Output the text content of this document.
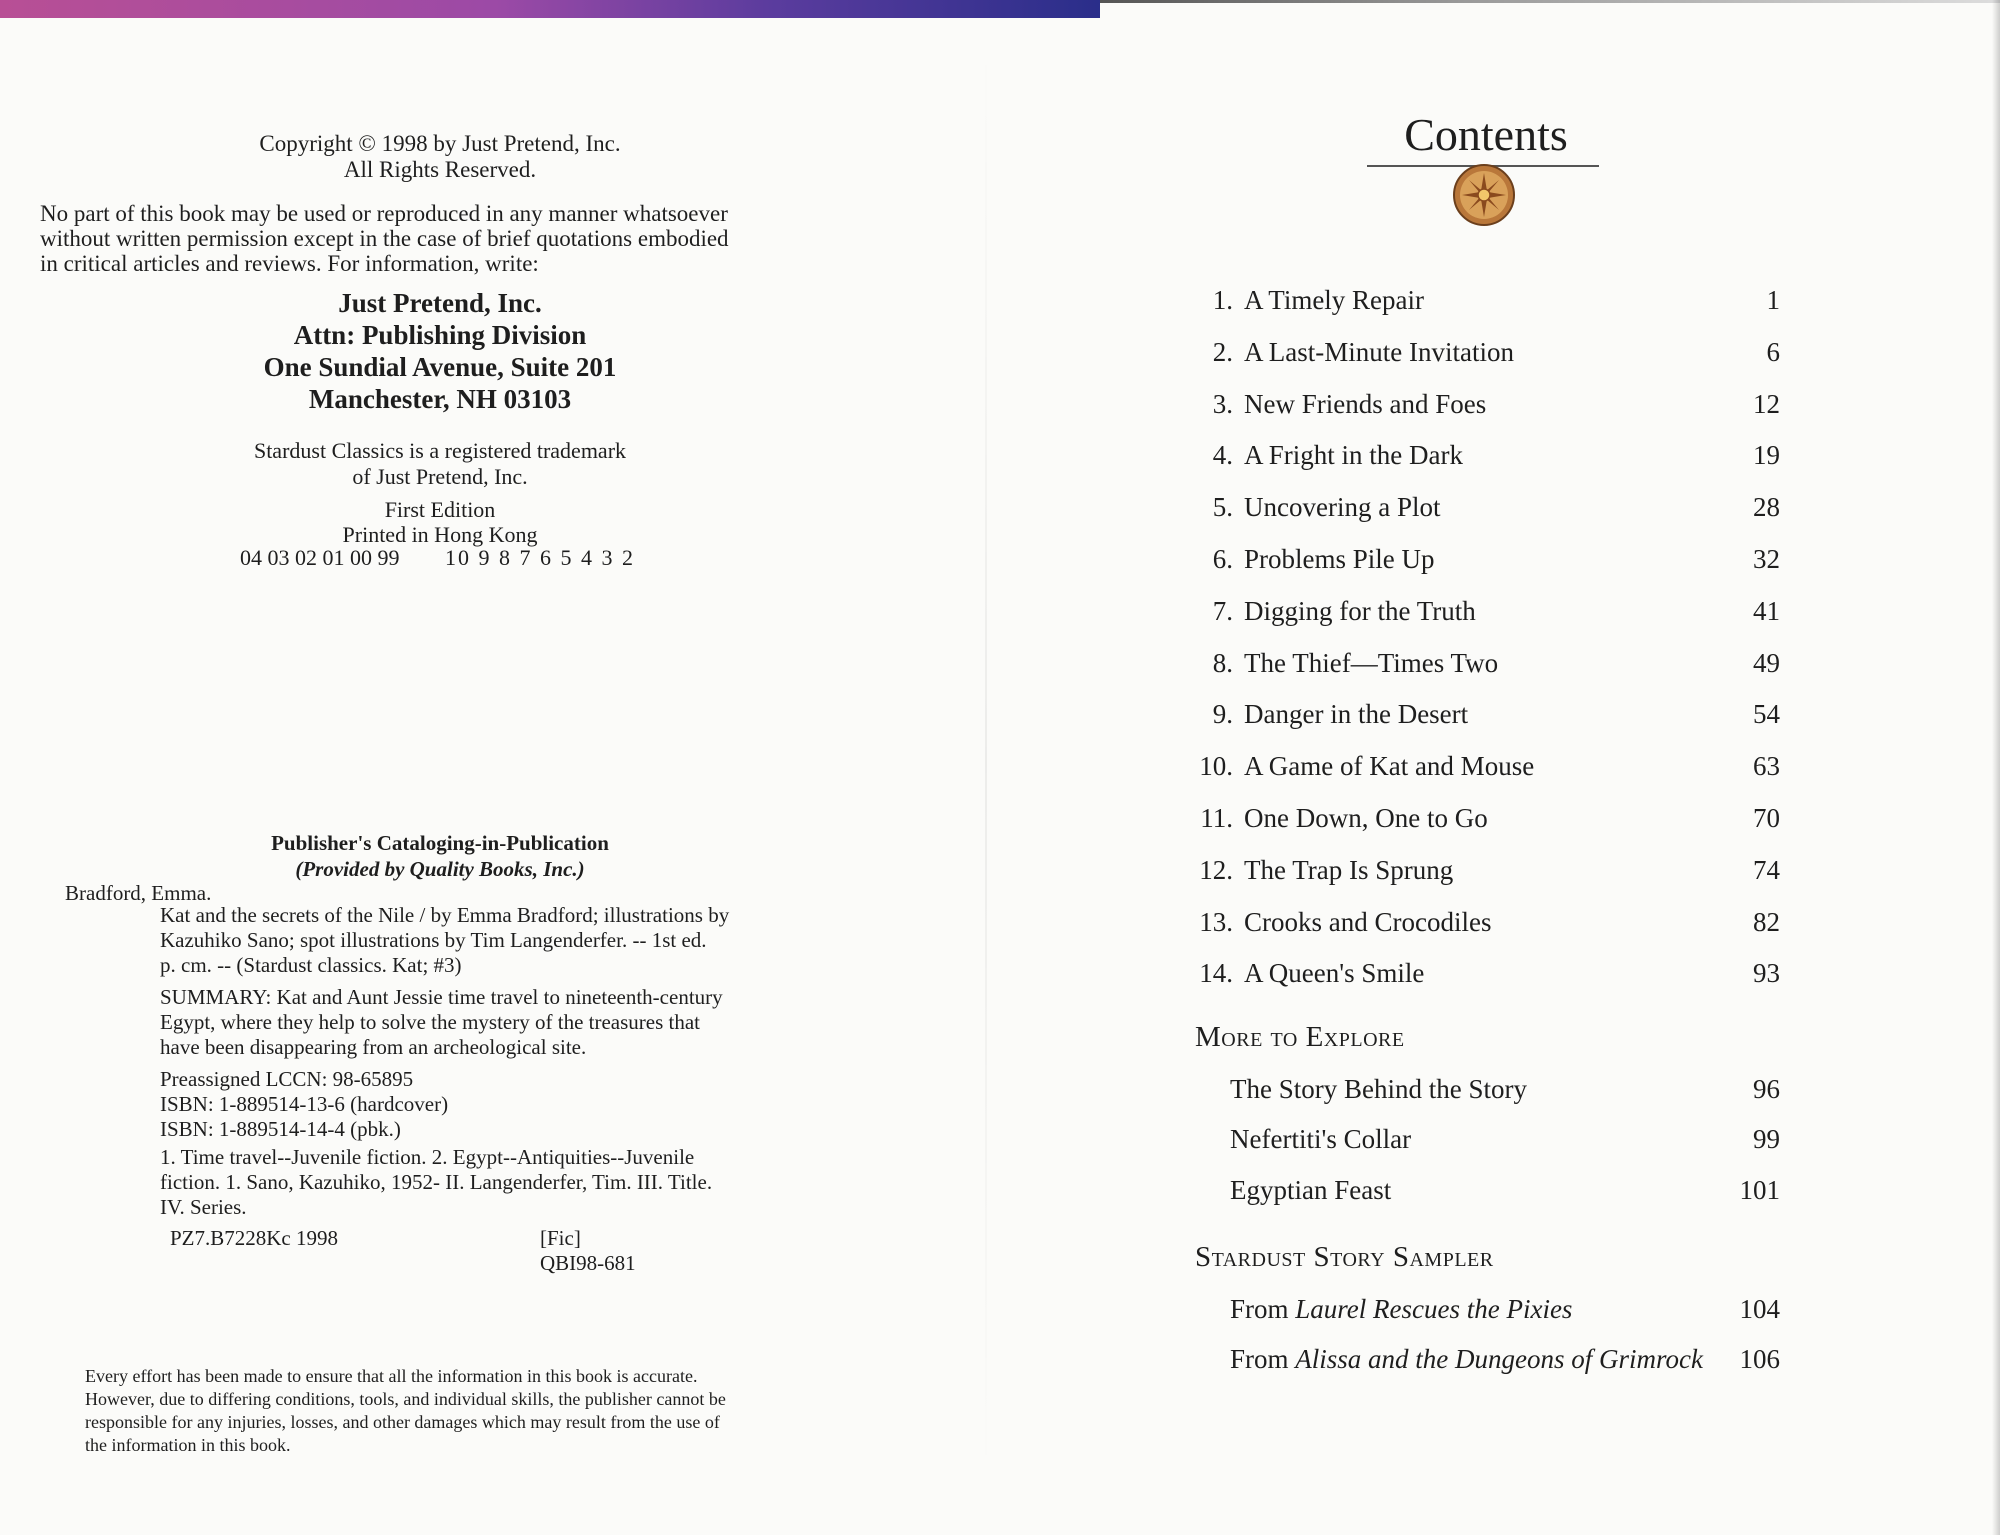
Copyright © 1998 by Just Pretend, Inc.
All Rights Reserved.
No part of this book may be used or reproduced in any manner whatsoever
without written permission except in the case of brief quotations embodied
in critical articles and reviews. For information, write:
Just Pretend, Inc.
Attn: Publishing Division
One Sundial Avenue, Suite 201
Manchester, NH 03103
Stardust Classics is a registered trademark
of Just Pretend, Inc.
First Edition
Printed in Hong Kong
04 03 02 01 00 99 10 9 8 7 6 5 4 3 2
Publisher's Cataloging-in-Publication
(Provided by Quality Books, Inc.)
Bradford, Emma.
Kat and the secrets of the Nile / by Emma Bradford; illustrations by
Kazuhiko Sano; spot illustrations by Tim Langenderfer. -- 1st ed.
p. cm. -- (Stardust classics. Kat; #3)
SUMMARY: Kat and Aunt Jessie time travel to nineteenth-century
Egypt, where they help to solve the mystery of the treasures that
have been disappearing from an archeological site.
Preassigned LCCN: 98-65895
ISBN: 1-889514-13-6 (hardcover)
ISBN: 1-889514-14-4 (pbk.)
1. Time travel--Juvenile fiction. 2. Egypt--Antiquities--Juvenile
fiction. 1. Sano, Kazuhiko, 1952- II. Langenderfer, Tim. III. Title.
IV. Series.
PZ7.B7228Kc 1998	[Fic]
QBI98-681
Every effort has been made to ensure that all the information in this book is accurate.
However, due to differing conditions, tools, and individual skills, the publisher cannot be
responsible for any injuries, losses, and other damages which may result from the use of
the information in this book.
Contents
1. A Timely Repair	1
2. A Last-Minute Invitation	6
3. New Friends and Foes	12
4. A Fright in the Dark	19
5. Uncovering a Plot	28
6. Problems Pile Up	32
7. Digging for the Truth	41
8. The Thief—Times Two	49
9. Danger in the Desert	54
10. A Game of Kat and Mouse	63
11. One Down, One to Go	70
12. The Trap Is Sprung	74
13. Crooks and Crocodiles	82
14. A Queen's Smile	93
More to Explore
The Story Behind the Story	96
Nefertiti's Collar	99
Egyptian Feast	101
Stardust Story Sampler
From Laurel Rescues the Pixies	104
From Alissa and the Dungeons of Grimrock	106
